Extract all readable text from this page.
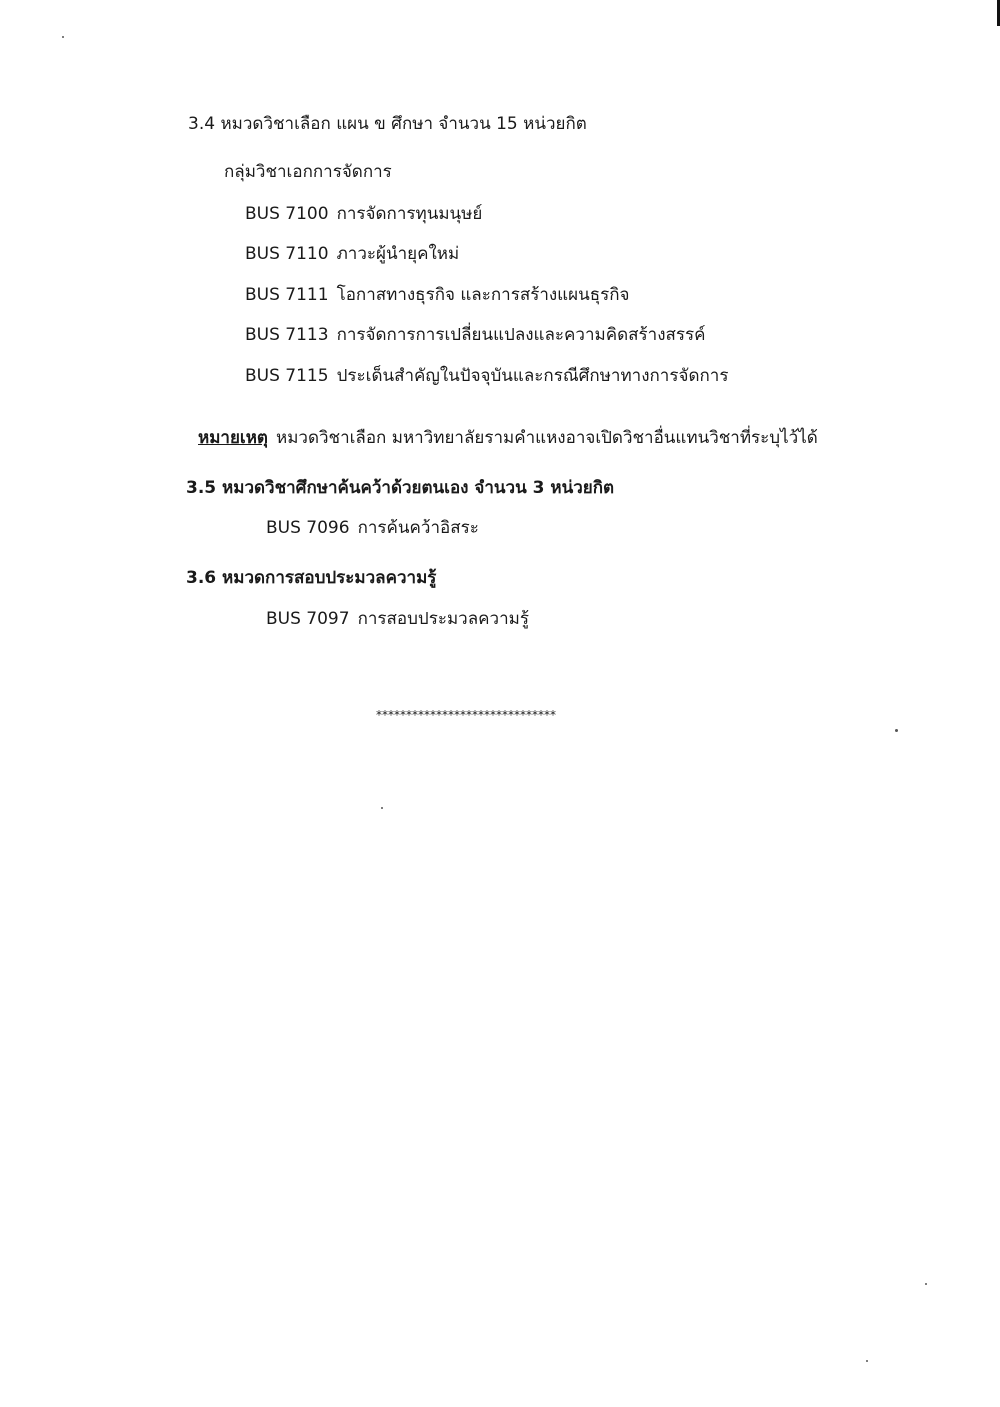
3.4 หมวดวิชาเลือก แผน ข ศึกษา จำนวน 15 หน่วยกิต
กลุ่มวิชาเอกการจัดการ
BUS 7100 การจัดการทุนมนุษย์
BUS 7110 ภาวะผู้นำยุคใหม่
BUS 7111 โอกาสทางธุรกิจ และการสร้างแผนธุรกิจ
BUS 7113 การจัดการการเปลี่ยนแปลงและความคิดสร้างสรรค์
BUS 7115 ประเด็นสำคัญในปัจจุบันและกรณีศึกษาทางการจัดการ
หมายเหตุ หมวดวิชาเลือก มหาวิทยาลัยรามคำแหงอาจเปิดวิชาอื่นแทนวิชาที่ระบุไว้ได้
3.5 หมวดวิชาศึกษาค้นคว้าด้วยตนเอง จำนวน 3 หน่วยกิต
BUS 7096 การค้นคว้าอิสระ
3.6 หมวดการสอบประมวลความรู้
BUS 7097 การสอบประมวลความรู้
******************************
